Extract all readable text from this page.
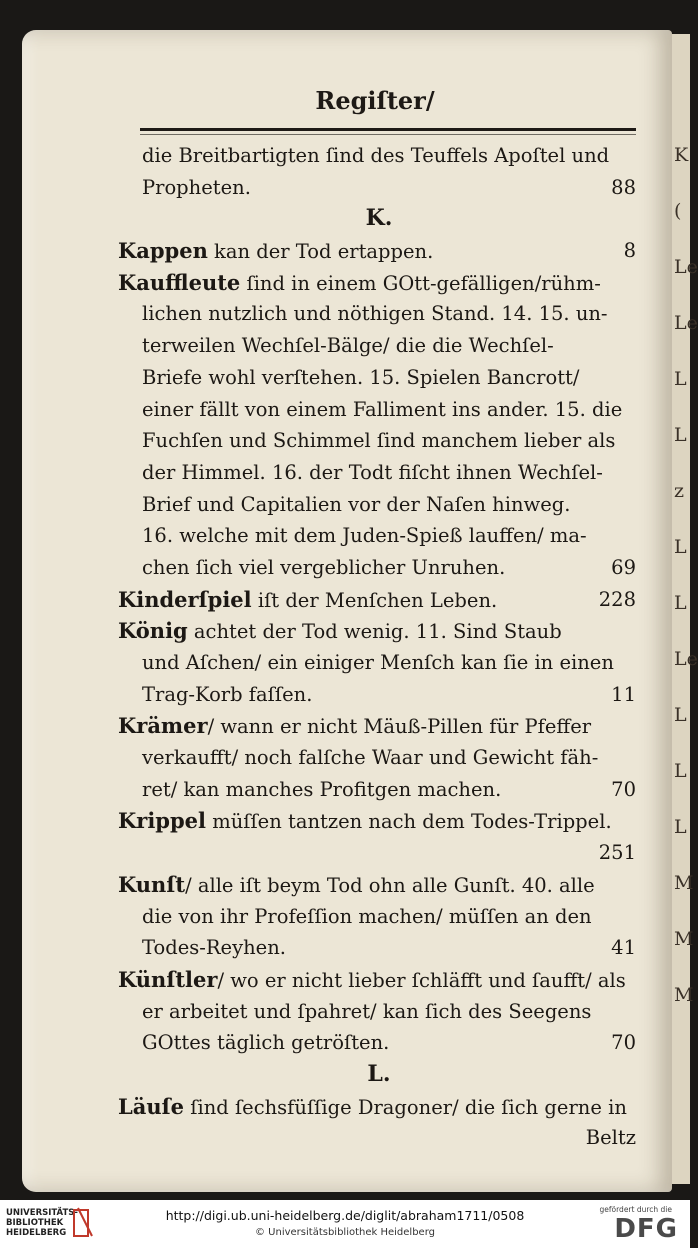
K
(
Le
Le
L
L
z
L
L
Le
L
L
L
M
M
M
Regiſter/
die Breitbartigten ſind des Teuffels Apoſtel und
Propheten.	88
K.
Kappen kan der Tod ertappen.	8
Kauffleute ſind in einem GOtt-gefälligen/rühm-
lichen nutzlich und nöthigen Stand. 14. 15. un-
terweilen Wechſel-Bälge/ die die Wechſel-
Briefe wohl verſtehen. 15. Spielen Bancrott/
einer fällt von einem Falliment ins ander. 15. die
Fuchſen und Schimmel ſind manchem lieber als
der Himmel. 16. der Todt fiſcht ihnen Wechſel-
Brief und Capitalien vor der Naſen hinweg.
16. welche mit dem Juden-Spieß lauffen/ ma-
chen ſich viel vergeblicher Unruhen.	69
Kinderſpiel iſt der Menſchen Leben.	228
König achtet der Tod wenig. 11. Sind Staub
und Aſchen/ ein einiger Menſch kan ſie in einen
Trag-Korb faſſen.	11
Krämer/ wann er nicht Mäuß-Pillen für Pfeffer
verkaufft/ noch falſche Waar und Gewicht fäh-
ret/ kan manches Profitgen machen.	70
Krippel müſſen tantzen nach dem Todes-Trippel.
251
Kunſt/ alle iſt beym Tod ohn alle Gunſt. 40. alle
die von ihr Profeſſion machen/ müſſen an den
Todes-Reyhen.	41
Künſtler/ wo er nicht lieber ſchläfft und ſaufft/ als
er arbeitet und ſpahret/ kan ſich des Seegens
GOttes täglich getröſten.	70
L.
Läuſe ſind ſechsfüſſige Dragoner/ die ſich gerne in
Beltz
UNIVERSITÄTS- BIBLIOTHEK HEIDELBERG
http://digi.ub.uni-heidelberg.de/diglit/abraham1711/0508
© Universitätsbibliothek Heidelberg
gefördert durch die
DFG
